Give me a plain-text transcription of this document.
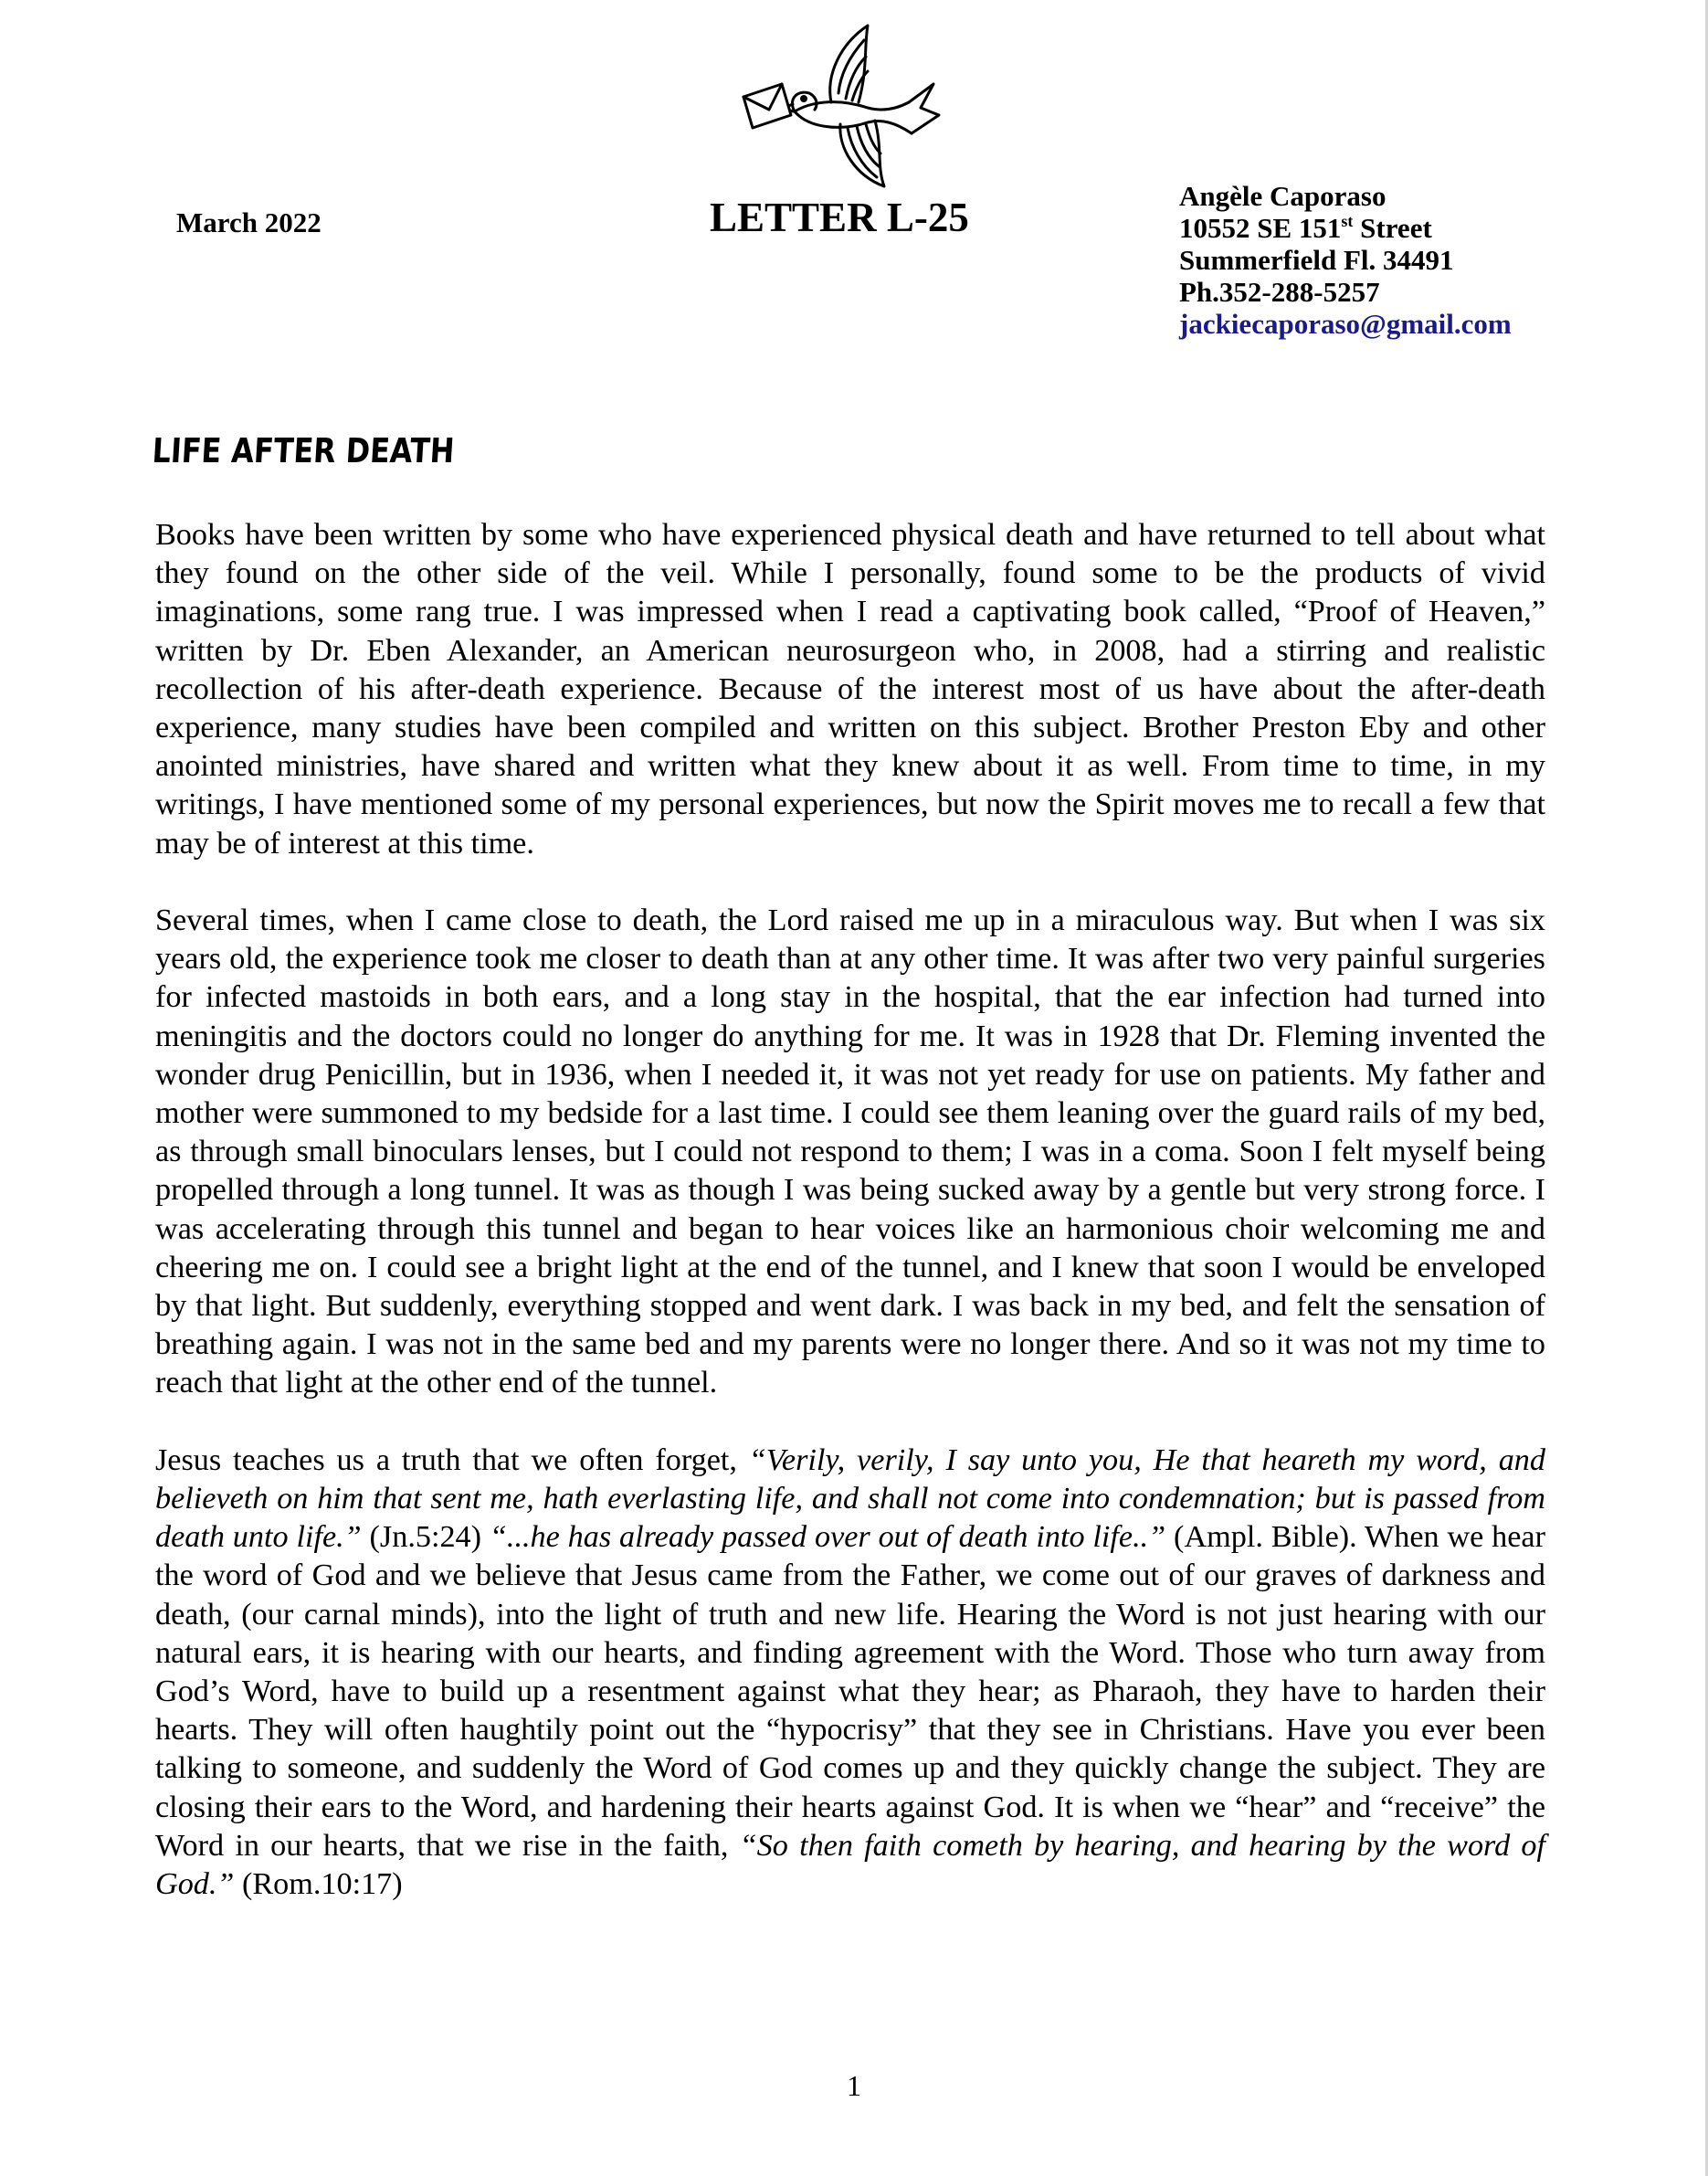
March 2022	LETTER L-25	Angèle Caporaso
10552 SE 151st Street
Summerfield Fl. 34491
Ph.352-288-5257
jackiecaporaso@gmail.com
LIFE AFTER DEATH

Books have been written by some who have experienced physical death and have returned to tell about what they found on the other side of the veil. While I personally, found some to be the products of vivid imaginations, some rang true. I was impressed when I read a captivating book called, “Proof of Heaven,” written by Dr. Eben Alexander, an American neurosurgeon who, in 2008, had a stirring and realistic recollection of his after-death experience. Because of the interest most of us have about the after-death experience, many studies have been compiled and written on this subject. Brother Preston Eby and other anointed ministries, have shared and written what they knew about it as well. From time to time, in my writings, I have mentioned some of my personal experiences, but now the Spirit moves me to recall a few that may be of interest at this time.

Several times, when I came close to death, the Lord raised me up in a miraculous way. But when I was six years old, the experience took me closer to death than at any other time. It was after two very painful surgeries for infected mastoids in both ears, and a long stay in the hospital, that the ear infection had turned into meningitis and the doctors could no longer do anything for me. It was in 1928 that Dr. Fleming invented the wonder drug Penicillin, but in 1936, when I needed it, it was not yet ready for use on patients. My father and mother were summoned to my bedside for a last time. I could see them leaning over the guard rails of my bed, as through small binoculars lenses, but I could not respond to them; I was in a coma. Soon I felt myself being propelled through a long tunnel. It was as though I was being sucked away by a gentle but very strong force. I was accelerating through this tunnel and began to hear voices like an harmonious choir welcoming me and cheering me on. I could see a bright light at the end of the tunnel, and I knew that soon I would be enveloped by that light. But suddenly, everything stopped and went dark. I was back in my bed, and felt the sensation of breathing again. I was not in the same bed and my parents were no longer there. And so it was not my time to reach that light at the other end of the tunnel.

Jesus teaches us a truth that we often forget, “Verily, verily, I say unto you, He that heareth my word, and believeth on him that sent me, hath everlasting life, and shall not come into condemnation; but is passed from death unto life.” (Jn.5:24) “...he has already passed over out of death into life..” (Ampl. Bible). When we hear the word of God and we believe that Jesus came from the Father, we come out of our graves of darkness and death, (our carnal minds), into the light of truth and new life. Hearing the Word is not just hearing with our natural ears, it is hearing with our hearts, and finding agreement with the Word. Those who turn away from God’s Word, have to build up a resentment against what they hear; as Pharaoh, they have to harden their hearts. They will often haughtily point out the “hypocrisy” that they see in Christians. Have you ever been talking to someone, and suddenly the Word of God comes up and they quickly change the subject. They are closing their ears to the Word, and hardening their hearts against God. It is when we “hear” and “receive” the Word in our hearts, that we rise in the faith, “So then faith cometh by hearing, and hearing by the word of God.” (Rom.10:17)

1
